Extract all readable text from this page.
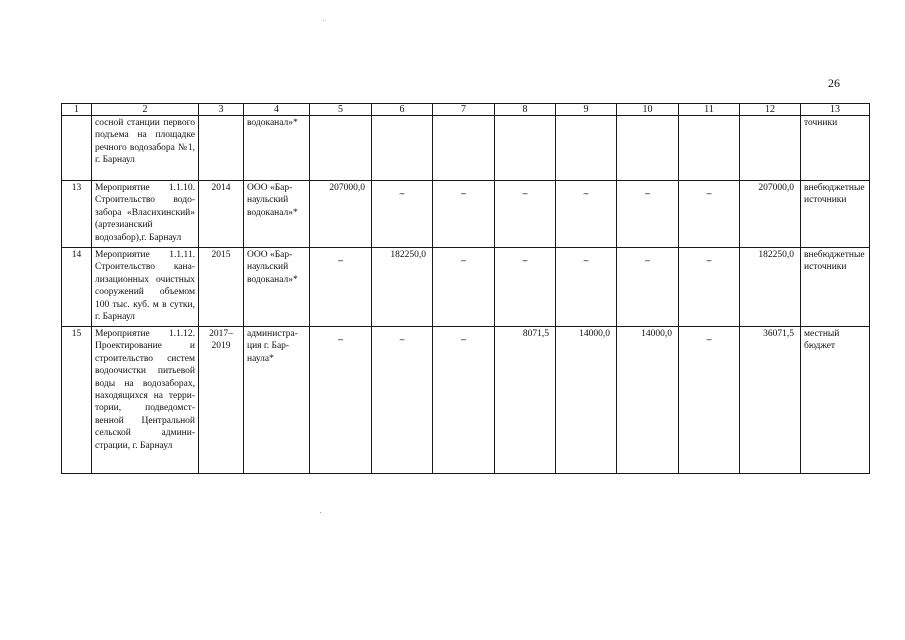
26
1	2	3	4	5	6	7	8	9	10	11	12	13
	сосной станции первого подъема на площадке речного водозабора №1, г. Барнаул		водоканал»*									точники
13	Мероприятие 1.1.10. Строительство водозабора «Власихинский» (артезианский водозабор),г. Барнаул	2014	ООО «Барнаульский водоканал»*	207000,0	–	–	–	–	–	–	207000,0	внебюджетные источники
14	Мероприятие 1.1.11. Строительство канализационных очистных сооружений объемом 100 тыс. куб. м в сутки, г. Барнаул	2015	ООО «Барнаульский водоканал»*	–	182250,0	–	–	–	–	–	182250,0	внебюджетные источники
15	Мероприятие 1.1.12. Проектирование и строительство систем водоочистки питьевой воды на водозаборах, находящихся на территории, подведомственной Центральной сельской администрации, г. Барнаул	2017–2019	администрация г. Барнаула*	–	–	–	8071,5	14000,0	14000,0	–	36071,5	местный бюджет
